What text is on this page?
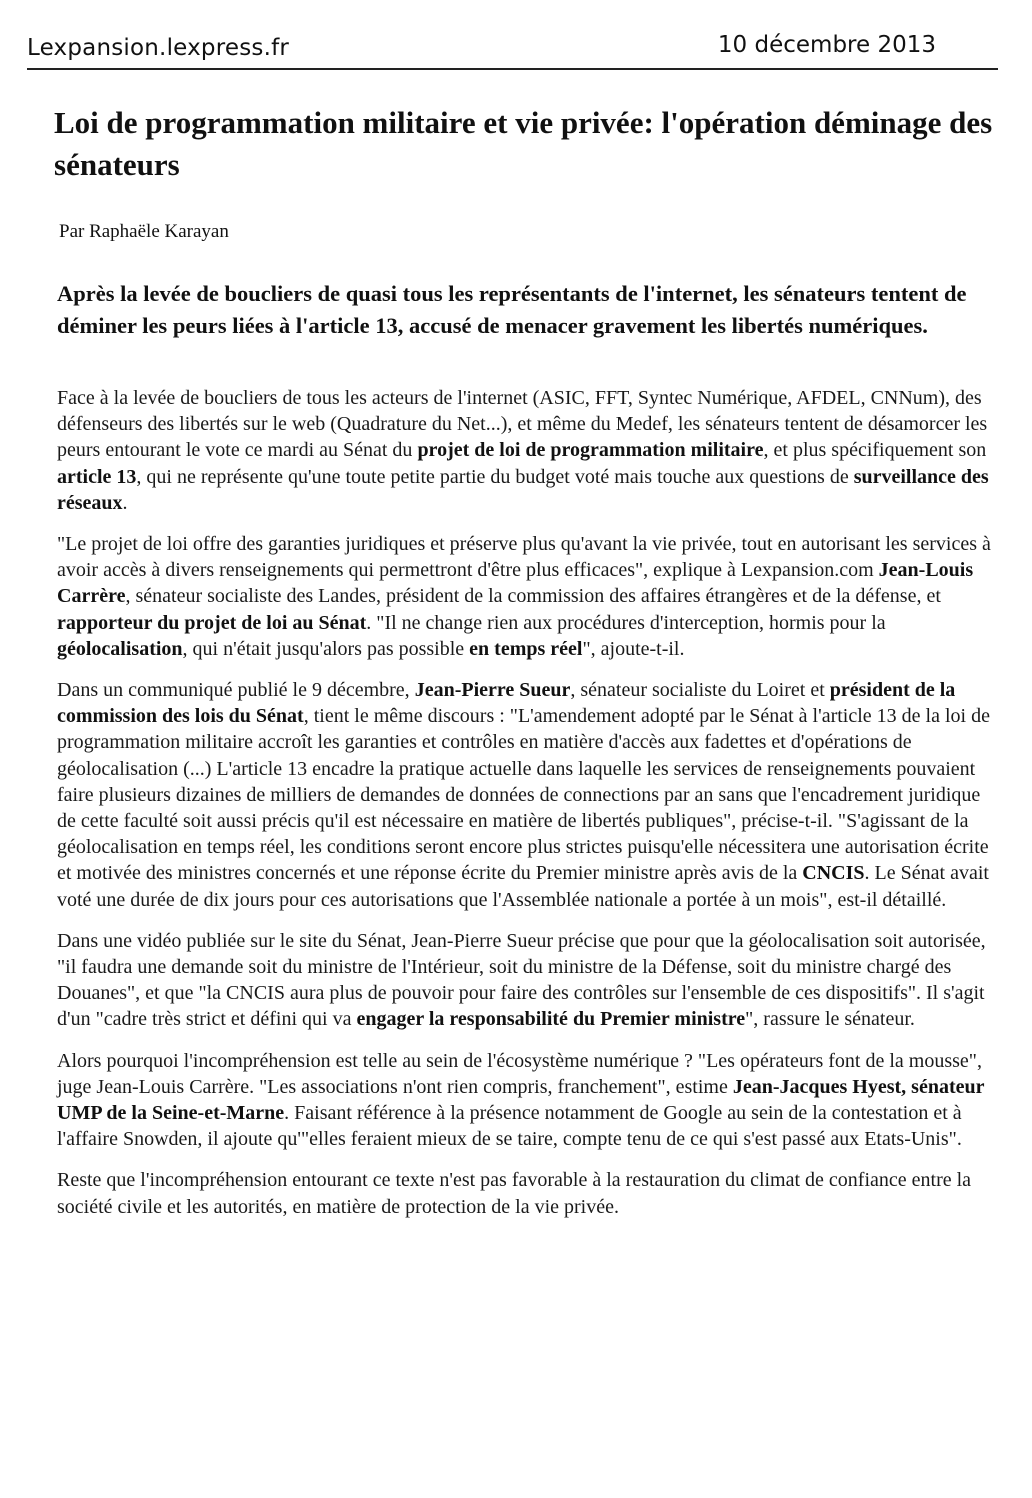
Lexpansion.lexpress.fr	10 décembre 2013
Loi de programmation militaire et vie privée: l'opération déminage des sénateurs
Par Raphaële Karayan

Après la levée de boucliers de quasi tous les représentants de l'internet, les sénateurs tentent de déminer les peurs liées à l'article 13, accusé de menacer gravement les libertés numériques.

Face à la levée de boucliers de tous les acteurs de l'internet (ASIC, FFT, Syntec Numérique, AFDEL, CNNum), des défenseurs des libertés sur le web (Quadrature du Net...), et même du Medef, les sénateurs tentent de désamorcer les peurs entourant le vote ce mardi au Sénat du projet de loi de programmation militaire, et plus spécifiquement son article 13, qui ne représente qu'une toute petite partie du budget voté mais touche aux questions de surveillance des réseaux.

"Le projet de loi offre des garanties juridiques et préserve plus qu'avant la vie privée, tout en autorisant les services à avoir accès à divers renseignements qui permettront d'être plus efficaces", explique à Lexpansion.com Jean-Louis Carrère, sénateur socialiste des Landes, président de la commission des affaires étrangères et de la défense, et rapporteur du projet de loi au Sénat. "Il ne change rien aux procédures d'interception, hormis pour la géolocalisation, qui n'était jusqu'alors pas possible en temps réel", ajoute-t-il.

Dans un communiqué publié le 9 décembre, Jean-Pierre Sueur, sénateur socialiste du Loiret et président de la commission des lois du Sénat, tient le même discours : "L'amendement adopté par le Sénat à l'article 13 de la loi de programmation militaire accroît les garanties et contrôles en matière d'accès aux fadettes et d'opérations de géolocalisation (...) L'article 13 encadre la pratique actuelle dans laquelle les services de renseignements pouvaient faire plusieurs dizaines de milliers de demandes de données de connections par an sans que l'encadrement juridique de cette faculté soit aussi précis qu'il est nécessaire en matière de libertés publiques", précise-t-il. "S'agissant de la géolocalisation en temps réel, les conditions seront encore plus strictes puisqu'elle nécessitera une autorisation écrite et motivée des ministres concernés et une réponse écrite du Premier ministre après avis de la CNCIS. Le Sénat avait voté une durée de dix jours pour ces autorisations que l'Assemblée nationale a portée à un mois", est-il détaillé.

Dans une vidéo publiée sur le site du Sénat, Jean-Pierre Sueur précise que pour que la géolocalisation soit autorisée, "il faudra une demande soit du ministre de l'Intérieur, soit du ministre de la Défense, soit du ministre chargé des Douanes", et que "la CNCIS aura plus de pouvoir pour faire des contrôles sur l'ensemble de ces dispositifs". Il s'agit d'un "cadre très strict et défini qui va engager la responsabilité du Premier ministre", rassure le sénateur.

Alors pourquoi l'incompréhension est telle au sein de l'écosystème numérique ? "Les opérateurs font de la mousse", juge Jean-Louis Carrère. "Les associations n'ont rien compris, franchement", estime Jean-Jacques Hyest, sénateur UMP de la Seine-et-Marne. Faisant référence à la présence notamment de Google au sein de la contestation et à l'affaire Snowden, il ajoute qu'"elles feraient mieux de se taire, compte tenu de ce qui s'est passé aux Etats-Unis".

Reste que l'incompréhension entourant ce texte n'est pas favorable à la restauration du climat de confiance entre la société civile et les autorités, en matière de protection de la vie privée.
